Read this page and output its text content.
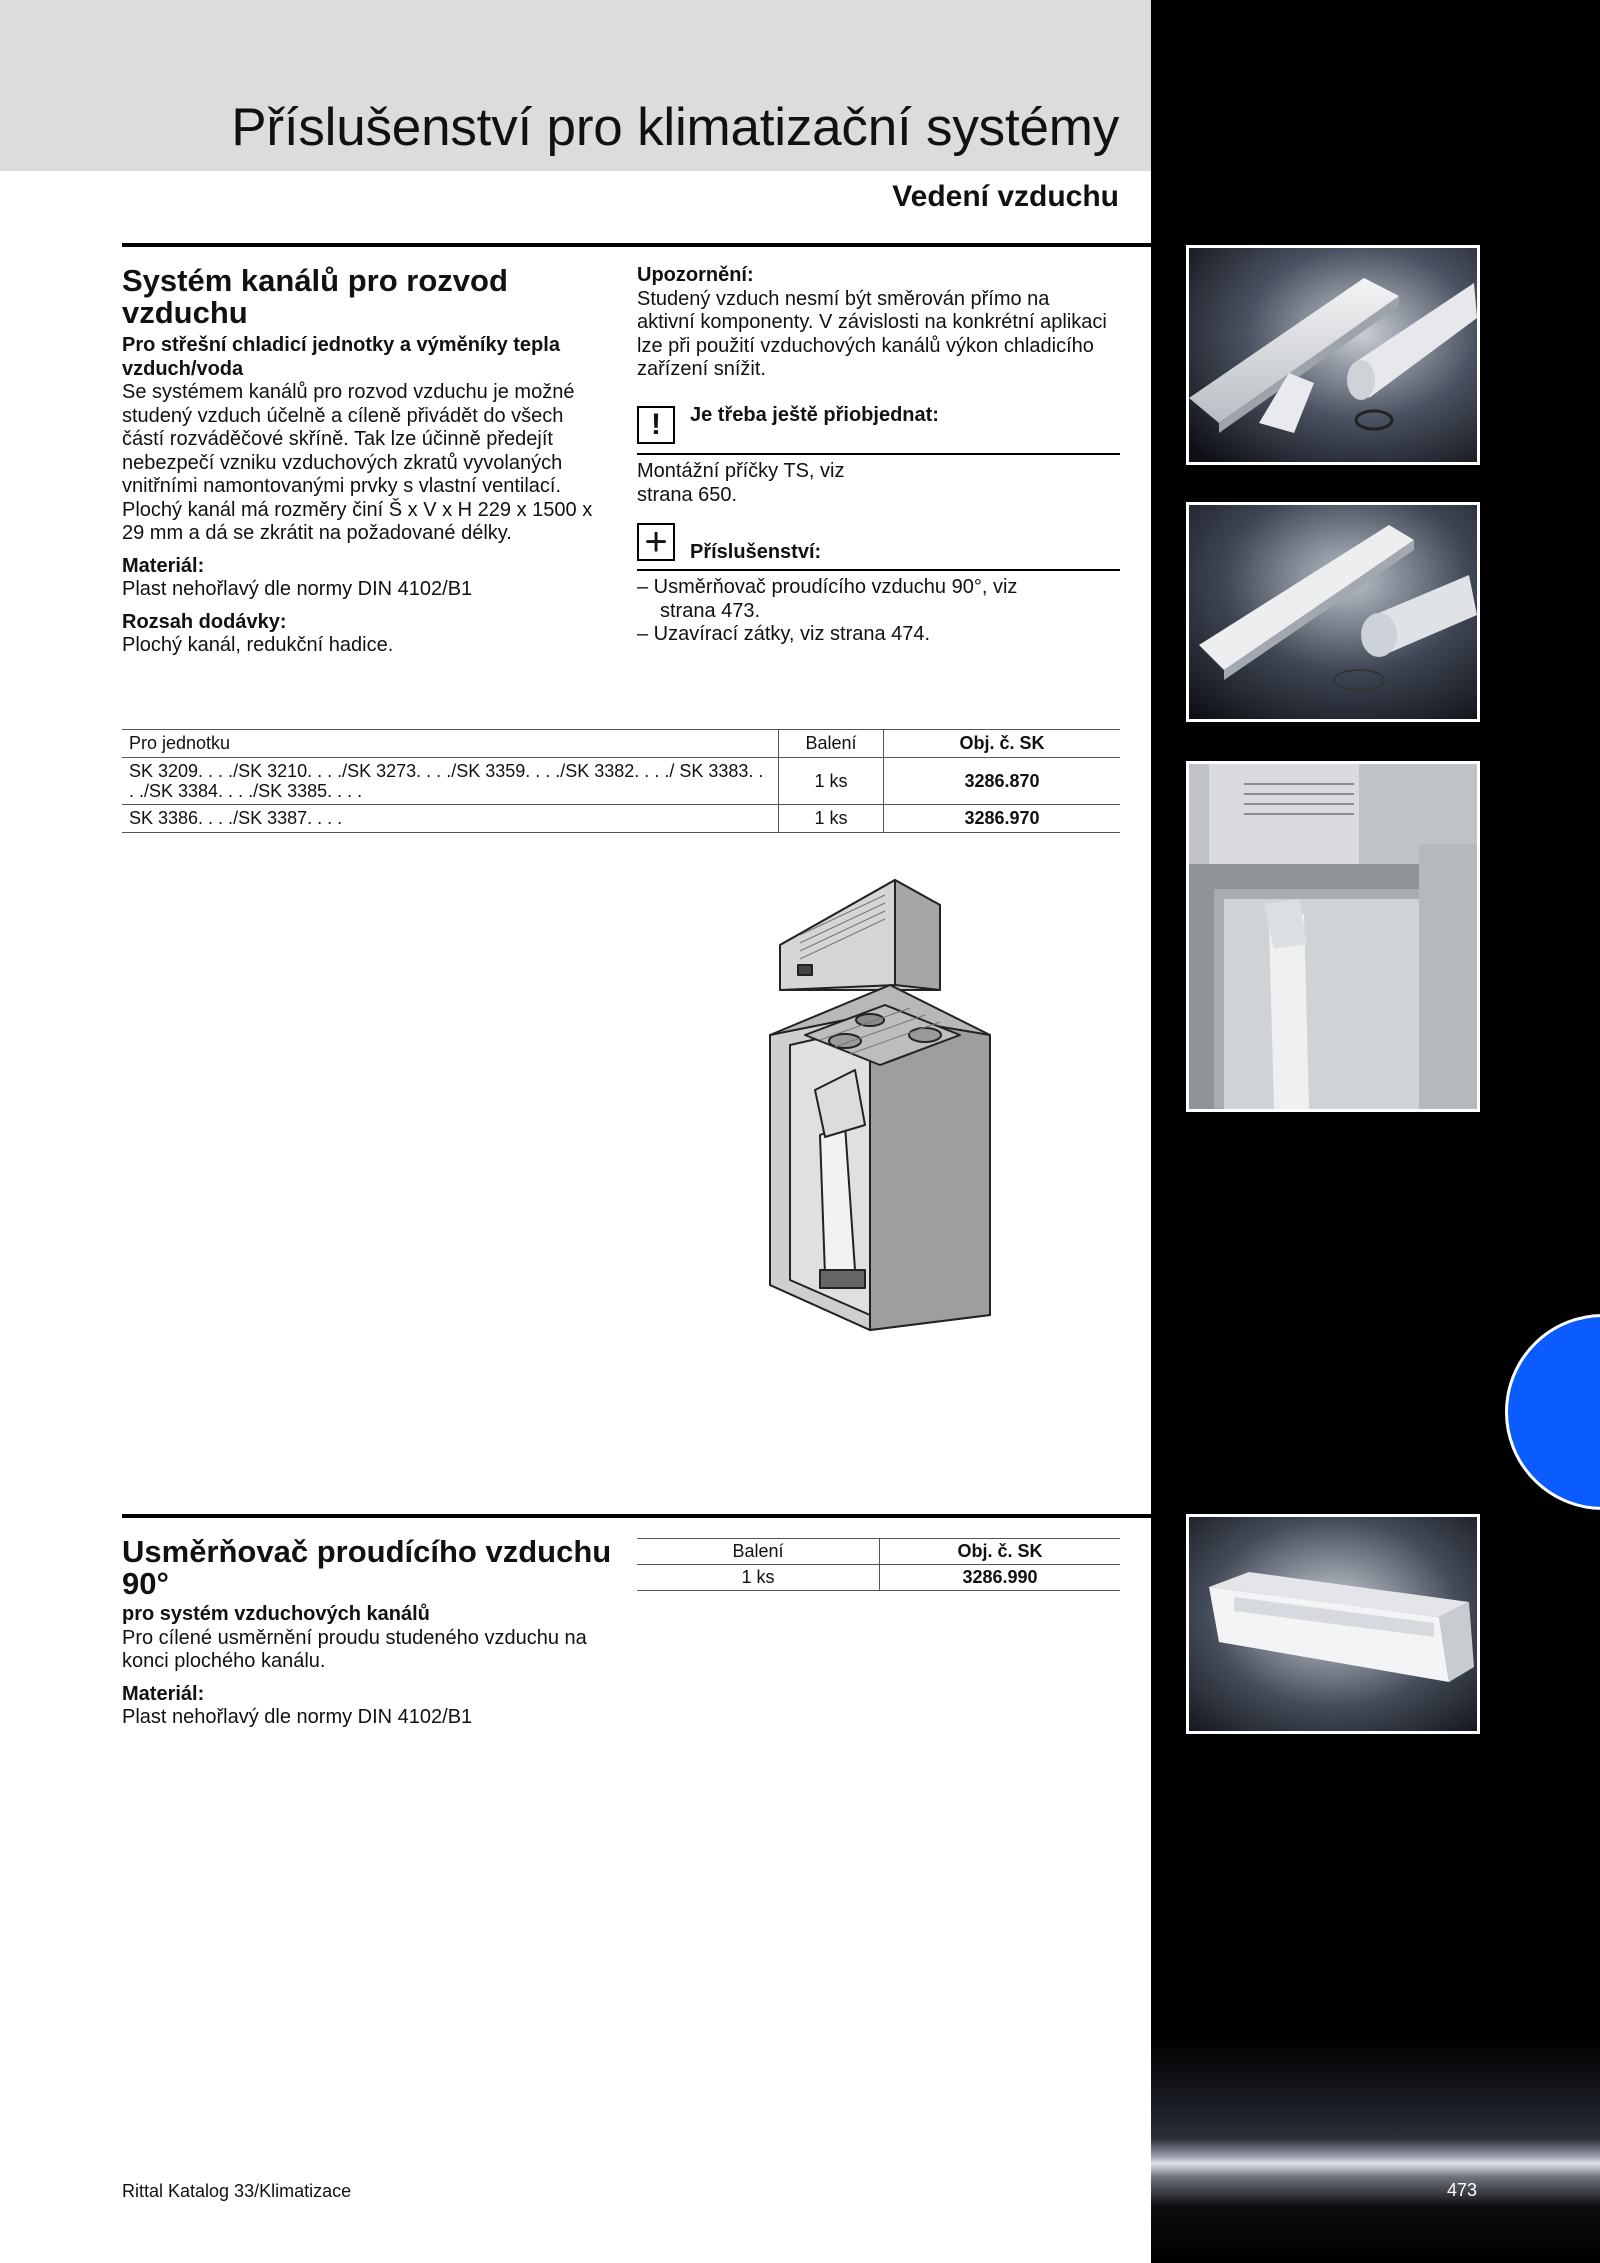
Příslušenství pro klimatizační systémy
Vedení vzduchu
473
Systém kanálů pro rozvod vzduchu

Pro střešní chladicí jednotky a výměníky tepla vzduch/voda

Se systémem kanálů pro rozvod vzduchu je možné studený vzduch účelně a cíleně přivádět do všech částí rozváděčové skříně. Tak lze účinně předejít nebezpečí vzniku vzduchových zkratů vyvolaných vnitřními namontovanými prvky s vlastní ventilací.

Plochý kanál má rozměry činí Š x V x H 229 x 1500 x 29 mm a dá se zkrátit na požadované délky.

Materiál:

Plast nehořlavý dle normy DIN 4102/B1

Rozsah dodávky:

Plochý kanál, redukční hadice.

Upozornění:

Studený vzduch nesmí být směrován přímo na aktivní komponenty. V závislosti na konkrétní aplikaci lze při použití vzduchových kanálů výkon chladicího zařízení snížit.

!	Je třeba ještě přiobjednat:
Montážní příčky TS, viz strana 650.
+	Příslušenství:

– Usměrňovač proudícího vzduchu 90°, viz strana 473.

– Uzavírací zátky, viz strana 474.

Pro jednotku	Balení	Obj. č. SK
SK 3209. . . ./SK 3210. . . ./SK 3273. . . ./SK 3359. . . ./SK 3382. . . ./ SK 3383. . . ./SK 3384. . . ./SK 3385. . . .	1 ks	3286.870
SK 3386. . . ./SK 3387. . . .	1 ks	3286.970
Usměrňovač proudícího vzduchu 90°

pro systém vzduchových kanálů

Pro cílené usměrnění proudu studeného vzduchu na konci plochého kanálu.

Materiál:

Plast nehořlavý dle normy DIN 4102/B1

Balení	Obj. č. SK
1 ks	3286.990
Rittal Katalog 33/Klimatizace
